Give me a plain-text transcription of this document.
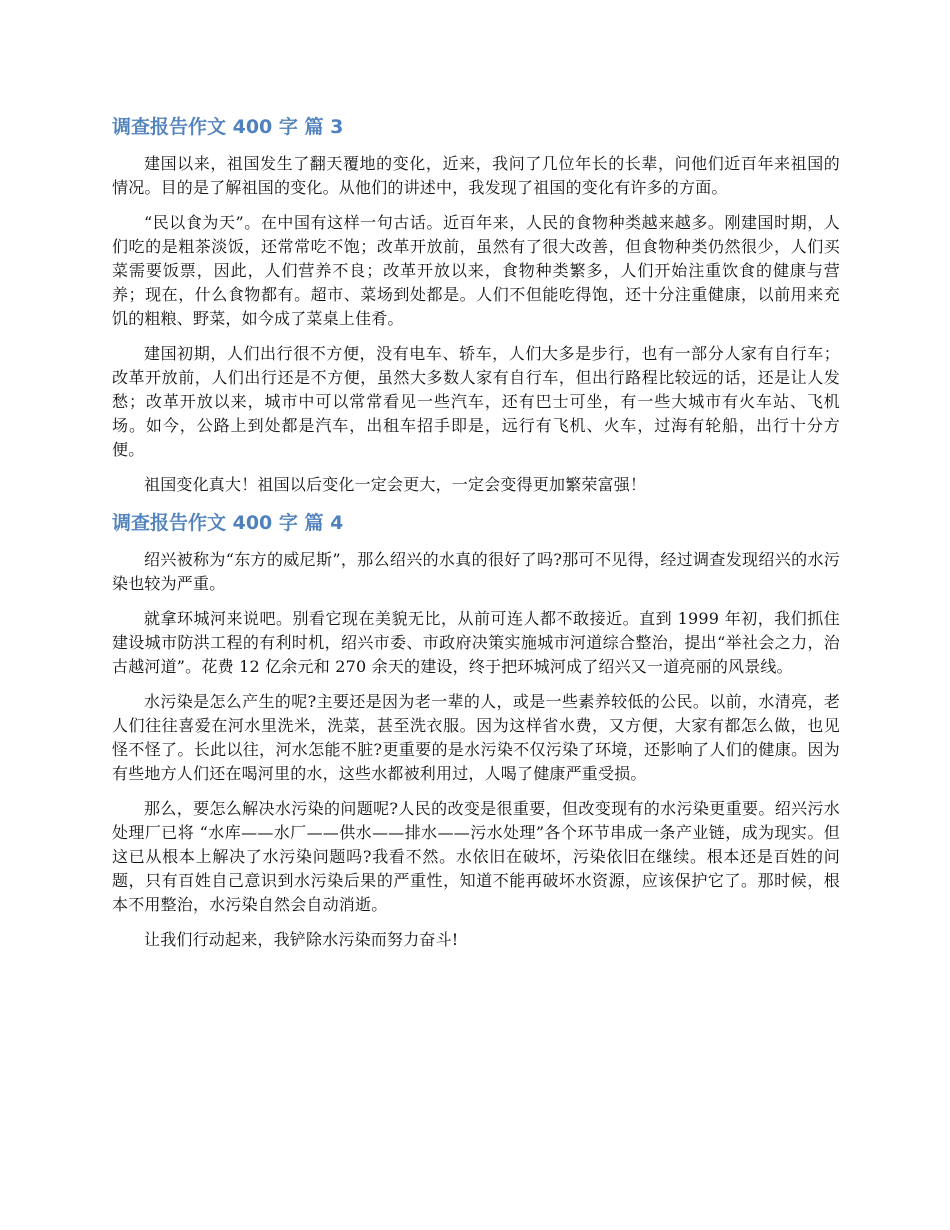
调查报告作文 400 字 篇 3

建国以来，祖国发生了翻天覆地的变化，近来，我问了几位年长的长辈，问他们近百年来祖国的情况。目的是了解祖国的变化。从他们的讲述中，我发现了祖国的变化有许多的方面。

“民以食为天”。在中国有这样一句古话。近百年来，人民的食物种类越来越多。刚建国时期，人们吃的是粗茶淡饭，还常常吃不饱；改革开放前，虽然有了很大改善，但食物种类仍然很少，人们买菜需要饭票，因此，人们营养不良；改革开放以来，食物种类繁多，人们开始注重饮食的健康与营养；现在，什么食物都有。超市、菜场到处都是。人们不但能吃得饱，还十分注重健康，以前用来充饥的粗粮、野菜，如今成了菜桌上佳肴。

建国初期，人们出行很不方便，没有电车、轿车，人们大多是步行，也有一部分人家有自行车；改革开放前，人们出行还是不方便，虽然大多数人家有自行车，但出行路程比较远的话，还是让人发愁；改革开放以来，城市中可以常常看见一些汽车，还有巴士可坐，有一些大城市有火车站、飞机场。如今，公路上到处都是汽车，出租车招手即是，远行有飞机、火车，过海有轮船，出行十分方便。

祖国变化真大！祖国以后变化一定会更大，一定会变得更加繁荣富强！

调查报告作文 400 字 篇 4

绍兴被称为“东方的威尼斯”，那么绍兴的水真的很好了吗?那可不见得，经过调查发现绍兴的水污染也较为严重。

就拿环城河来说吧。别看它现在美貌无比，从前可连人都不敢接近。直到 1999 年初，我们抓住建设城市防洪工程的有利时机，绍兴市委、市政府决策实施城市河道综合整治，提出“举社会之力，治古越河道”。花费 12 亿余元和 270 余天的建设，终于把环城河成了绍兴又一道亮丽的风景线。

水污染是怎么产生的呢?主要还是因为老一辈的人，或是一些素养较低的公民。以前，水清亮，老人们往往喜爱在河水里洗米，洗菜，甚至洗衣服。因为这样省水费，又方便，大家有都怎么做，也见怪不怪了。长此以往，河水怎能不脏?更重要的是水污染不仅污染了环境，还影响了人们的健康。因为有些地方人们还在喝河里的水，这些水都被利用过，人喝了健康严重受损。

那么，要怎么解决水污染的问题呢?人民的改变是很重要，但改变现有的水污染更重要。绍兴污水处理厂已将 “水库——水厂——供水——排水——污水处理”各个环节串成一条产业链，成为现实。但这已从根本上解决了水污染问题吗?我看不然。水依旧在破坏，污染依旧在继续。根本还是百姓的问题，只有百姓自己意识到水污染后果的严重性，知道不能再破坏水资源，应该保护它了。那时候，根本不用整治，水污染自然会自动消逝。

让我们行动起来，我铲除水污染而努力奋斗!
